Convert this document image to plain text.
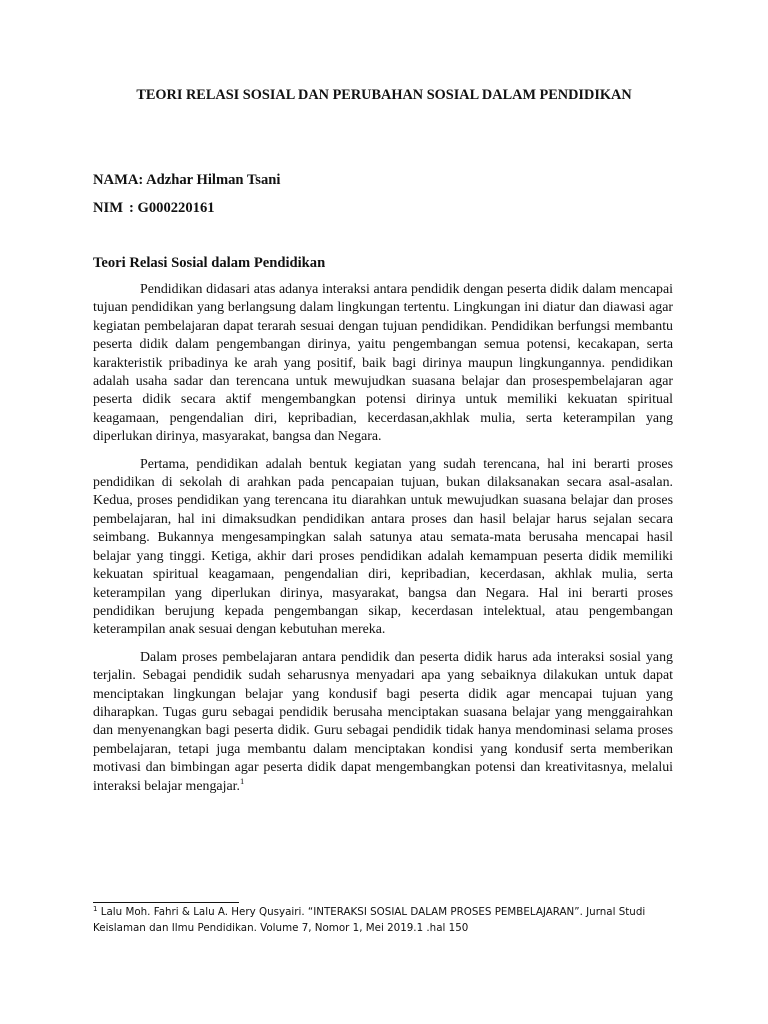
TEORI RELASI SOSIAL DAN PERUBAHAN SOSIAL DALAM PENDIDIKAN

NAMA: Adzhar Hilman Tsani

NIM : G000220161

Teori Relasi Sosial dalam Pendidikan

Pendidikan didasari atas adanya interaksi antara pendidik dengan peserta didik dalam mencapai tujuan pendidikan yang berlangsung dalam lingkungan tertentu. Lingkungan ini diatur dan diawasi agar kegiatan pembelajaran dapat terarah sesuai dengan tujuan pendidikan. Pendidikan berfungsi membantu peserta didik dalam pengembangan dirinya, yaitu pengembangan semua potensi, kecakapan, serta karakteristik pribadinya ke arah yang positif, baik bagi dirinya maupun lingkungannya. pendidikan adalah usaha sadar dan terencana untuk mewujudkan suasana belajar dan prosespembelajaran agar peserta didik secara aktif mengembangkan potensi dirinya untuk memiliki kekuatan spiritual keagamaan, pengendalian diri, kepribadian, kecerdasan,akhlak mulia, serta keterampilan yang diperlukan dirinya, masyarakat, bangsa dan Negara.

Pertama, pendidikan adalah bentuk kegiatan yang sudah terencana, hal ini berarti proses pendidikan di sekolah di arahkan pada pencapaian tujuan, bukan dilaksanakan secara asal-asalan. Kedua, proses pendidikan yang terencana itu diarahkan untuk mewujudkan suasana belajar dan proses pembelajaran, hal ini dimaksudkan pendidikan antara proses dan hasil belajar harus sejalan secara seimbang. Bukannya mengesampingkan salah satunya atau semata-mata berusaha mencapai hasil belajar yang tinggi. Ketiga, akhir dari proses pendidikan adalah kemampuan peserta didik memiliki kekuatan spiritual keagamaan, pengendalian diri, kepribadian, kecerdasan, akhlak mulia, serta keterampilan yang diperlukan dirinya, masyarakat, bangsa dan Negara. Hal ini berarti proses pendidikan berujung kepada pengembangan sikap, kecerdasan intelektual, atau pengembangan keterampilan anak sesuai dengan kebutuhan mereka.

Dalam proses pembelajaran antara pendidik dan peserta didik harus ada interaksi sosial yang terjalin. Sebagai pendidik sudah seharusnya menyadari apa yang sebaiknya dilakukan untuk dapat menciptakan lingkungan belajar yang kondusif bagi peserta didik agar mencapai tujuan yang diharapkan. Tugas guru sebagai pendidik berusaha menciptakan suasana belajar yang menggairahkan dan menyenangkan bagi peserta didik. Guru sebagai pendidik tidak hanya mendominasi selama proses pembelajaran, tetapi juga membantu dalam menciptakan kondisi yang kondusif serta memberikan motivasi dan bimbingan agar peserta didik dapat mengembangkan potensi dan kreativitasnya, melalui interaksi belajar mengajar.$^1$

$^1$ Lalu Moh. Fahri & Lalu A. Hery Qusyairi. “INTERAKSI SOSIAL DALAM PROSES PEMBELAJARAN”. Jurnal Studi Keislaman dan Ilmu Pendidikan. Volume 7, Nomor 1, Mei 2019.1 .hal 150
